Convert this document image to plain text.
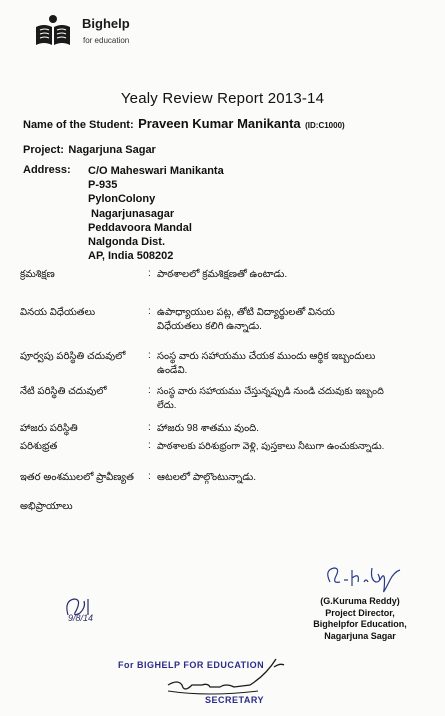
Bighelp
for education
Yealy Review Report 2013-14
Name of the Student: Praveen Kumar Manikanta (ID:C1000)
Project: Nagarjuna Sagar
Address: C/O Maheswari Manikanta
P-935
PylonColony
Nagarjunasagar
Peddavoora Mandal
Nalgonda Dist.
AP, India 508202
క్రమశిక్షణ	: పాఠశాలలో క్రమశిక్షణతో ఉంటాడు.
వినయ విధేయతలు	: ఉపాధ్యాయుల పట్ల, తోటి విద్యార్థులతో వినయ
విధేయతలు కలిగి ఉన్నాడు.
పూర్వపు పరిస్థితి చదువులో : సంస్థ వారు సహాయము చేయక ముందు ఆర్థిక ఇబ్బందులు
ఉండేవి.
నేటి పరిస్థితి చదువులో	: సంస్థ వారు సహాయము చేస్తున్నప్పుడి నుండి చదువుకు ఇబ్బంది
లేదు.
హాజరు పరిస్థితి	: హాజరు 98 శాతము వుంది.
పరిశుభ్రత	: పాఠశాలకు పరిశుభ్రంగా వెళ్లి, పుస్తకాలు నీటుగా ఉంచుకున్నాడు.
ఇతర అంశములలో ప్రావీణ్యత : ఆటలలో పాల్గొంటున్నాడు.
అభిప్రాయాలు
(G.Kuruma Reddy)
Project Director,
Bighelpfor Education,
Nagarjuna Sagar
9/8/14
For BIGHELP FOR EDUCATION
SECRETARY
